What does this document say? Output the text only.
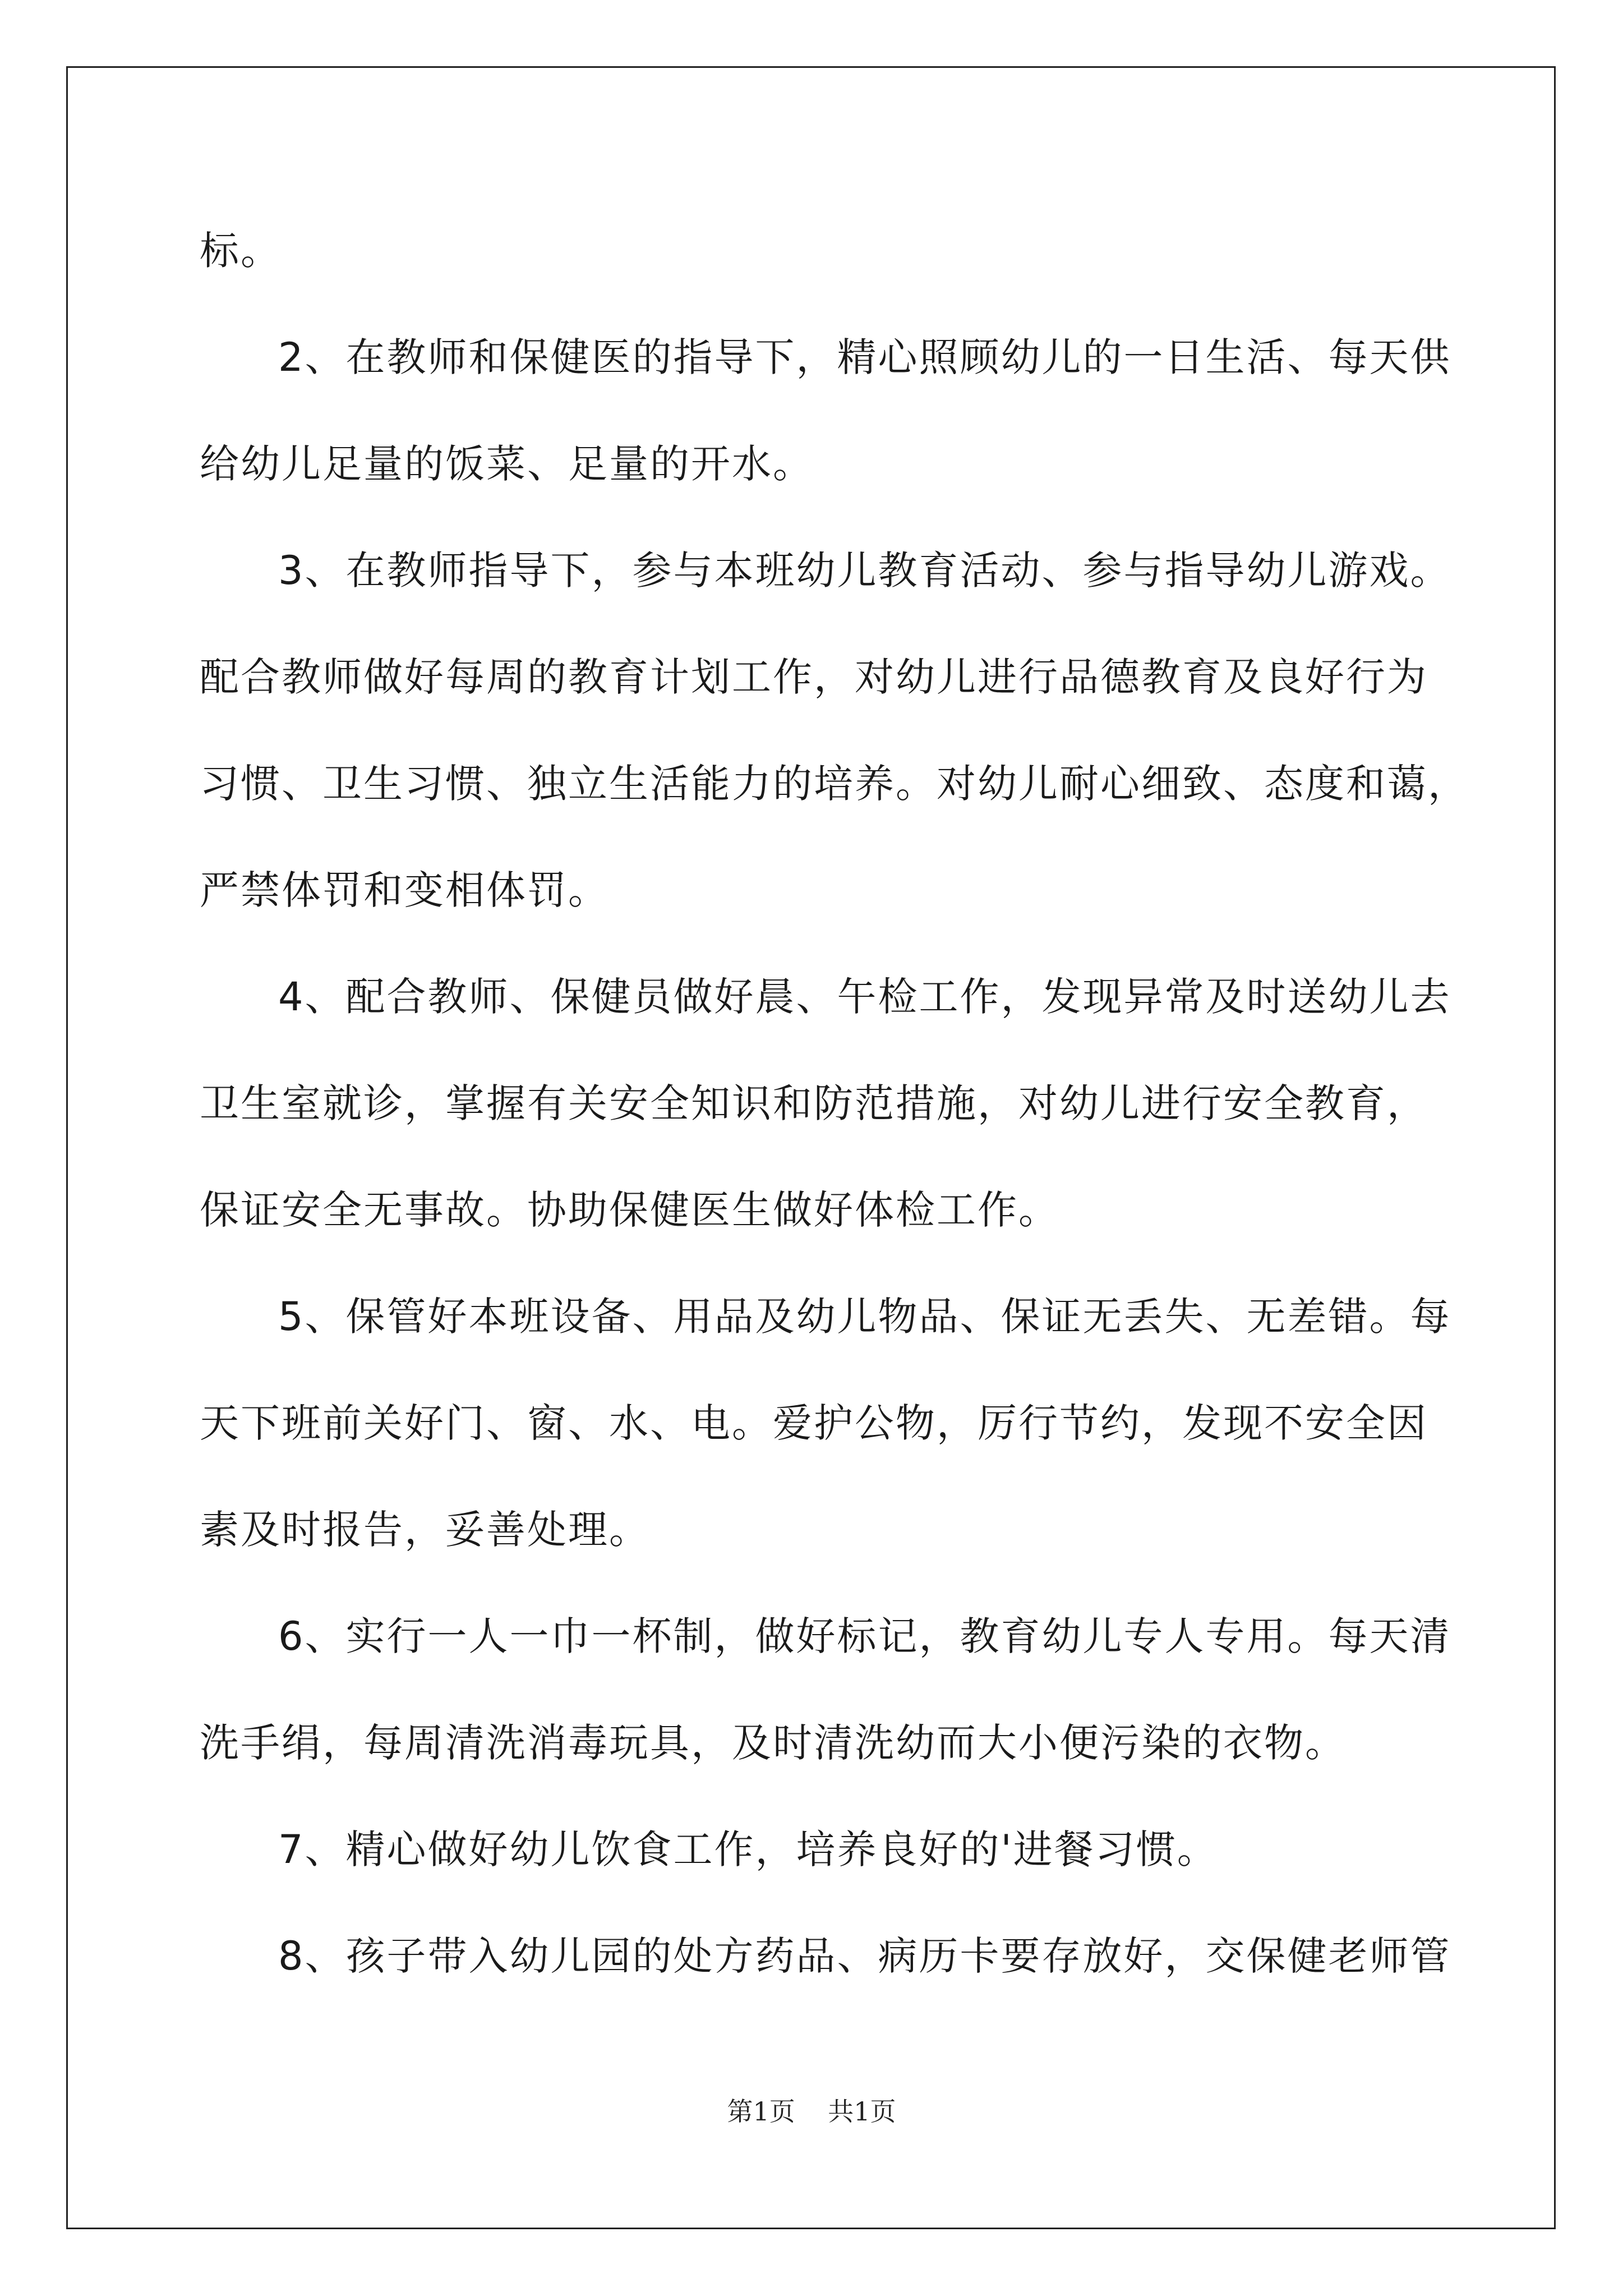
标。
2、在教师和保健医的指导下，精心照顾幼儿的一日生活、每天供
给幼儿足量的饭菜、足量的开水。
3、在教师指导下，参与本班幼儿教育活动、参与指导幼儿游戏。
配合教师做好每周的教育计划工作，对幼儿进行品德教育及良好行为
习惯、卫生习惯、独立生活能力的培养。对幼儿耐心细致、态度和蔼，
严禁体罚和变相体罚。
4、配合教师、保健员做好晨、午检工作，发现异常及时送幼儿去
卫生室就诊，掌握有关安全知识和防范措施，对幼儿进行安全教育，
保证安全无事故。协助保健医生做好体检工作。
5、保管好本班设备、用品及幼儿物品、保证无丢失、无差错。每
天下班前关好门、窗、水、电。爱护公物，厉行节约，发现不安全因
素及时报告，妥善处理。
6、实行一人一巾一杯制，做好标记，教育幼儿专人专用。每天清
洗手绢，每周清洗消毒玩具，及时清洗幼而大小便污染的衣物。
7、精心做好幼儿饮食工作，培养良好的'进餐习惯。
8、孩子带入幼儿园的处方药品、病历卡要存放好，交保健老师管
第1页 共1页
